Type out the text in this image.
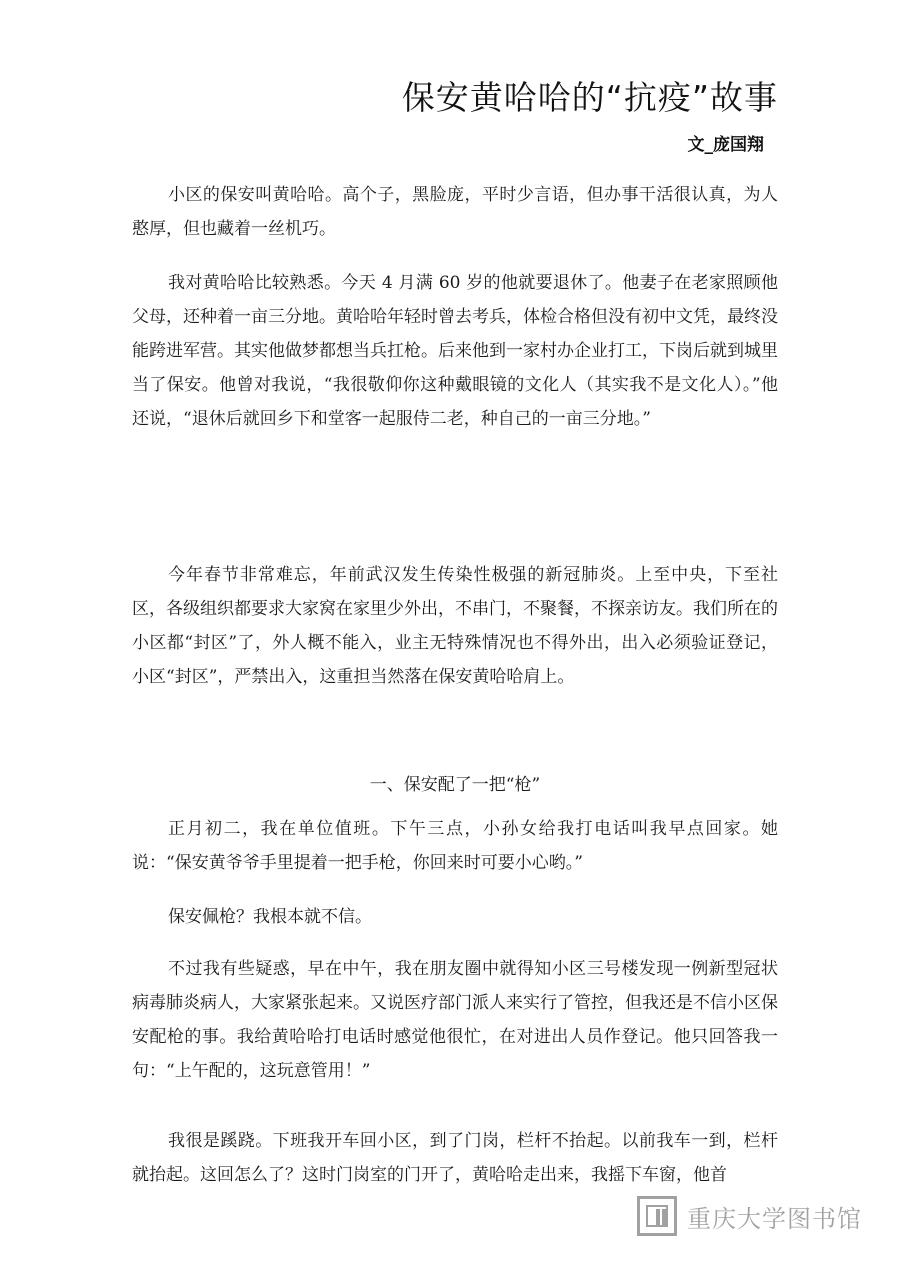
保安黄哈哈的“抗疫”故事
文_庞国翔

小区的保安叫黄哈哈。高个子，黑脸庞，平时少言语，但办事干活很认真，为人憨厚，但也藏着一丝机巧。

我对黄哈哈比较熟悉。今天 4 月满 60 岁的他就要退休了。他妻子在老家照顾他父母，还种着一亩三分地。黄哈哈年轻时曾去考兵，体检合格但没有初中文凭，最终没能跨进军营。其实他做梦都想当兵扛枪。后来他到一家村办企业打工，下岗后就到城里当了保安。他曾对我说，“我很敬仰你这种戴眼镜的文化人（其实我不是文化人）。”他还说，“退休后就回乡下和堂客一起服侍二老，种自己的一亩三分地。”

今年春节非常难忘，年前武汉发生传染性极强的新冠肺炎。上至中央，下至社区，各级组织都要求大家窝在家里少外出，不串门，不聚餐，不探亲访友。我们所在的小区都“封区”了，外人概不能入，业主无特殊情况也不得外出，出入必须验证登记，小区“封区”，严禁出入，这重担当然落在保安黄哈哈肩上。

一、保安配了一把“枪”

正月初二，我在单位值班。下午三点，小孙女给我打电话叫我早点回家。她说：“保安黄爷爷手里提着一把手枪，你回来时可要小心哟。”

保安佩枪？我根本就不信。

不过我有些疑惑，早在中午，我在朋友圈中就得知小区三号楼发现一例新型冠状病毒肺炎病人，大家紧张起来。又说医疗部门派人来实行了管控，但我还是不信小区保安配枪的事。我给黄哈哈打电话时感觉他很忙，在对进出人员作登记。他只回答我一句：“上午配的，这玩意管用！”

我很是蹊跷。下班我开车回小区，到了门岗，栏杆不抬起。以前我车一到，栏杆就抬起。这回怎么了？这时门岗室的门开了，黄哈哈走出来，我摇下车窗，他首

重庆大学图书馆
